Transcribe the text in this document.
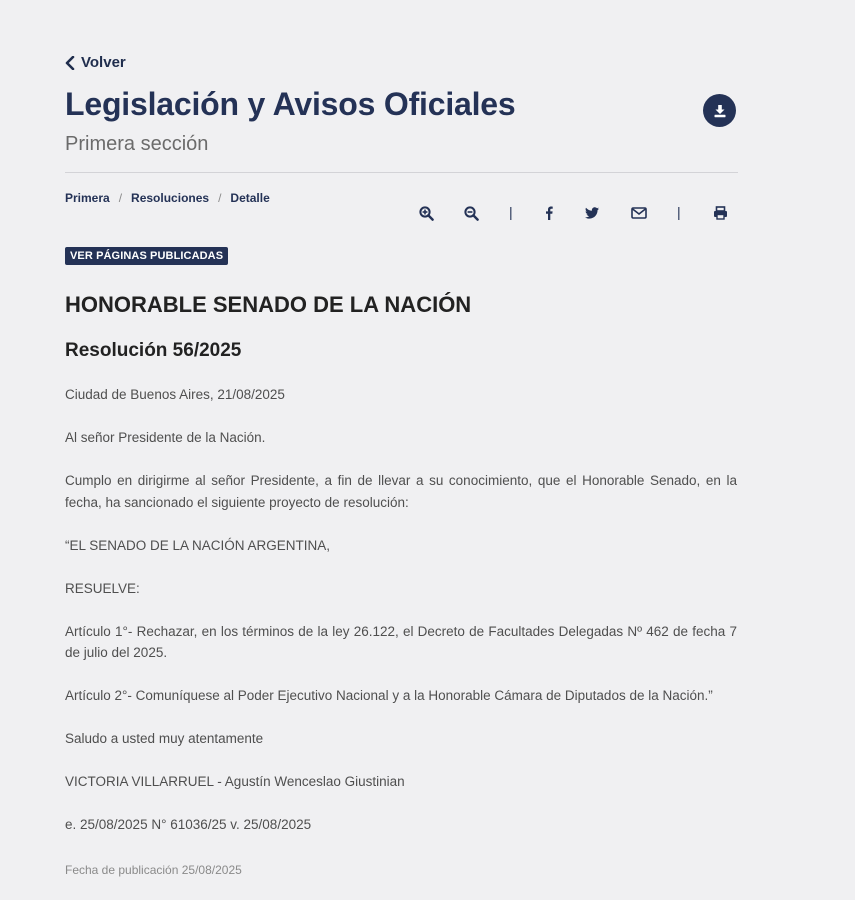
Volver
Legislación y Avisos Oficiales
Primera sección
Primera / Resoluciones / Detalle
|	|
VER PÁGINAS PUBLICADAS
HONORABLE SENADO DE LA NACIÓN
Resolución 56/2025

Ciudad de Buenos Aires, 21/08/2025

Al señor Presidente de la Nación.

Cumplo en dirigirme al señor Presidente, a fin de llevar a su conocimiento, que el Honorable Senado, en la fecha, ha sancionado el siguiente proyecto de resolución:

“EL SENADO DE LA NACIÓN ARGENTINA,

RESUELVE:

Artículo 1°- Rechazar, en los términos de la ley 26.122, el Decreto de Facultades Delegadas Nº 462 de fecha 7 de julio del 2025.

Artículo 2°- Comuníquese al Poder Ejecutivo Nacional y a la Honorable Cámara de Diputados de la Nación.”

Saludo a usted muy atentamente

VICTORIA VILLARRUEL - Agustín Wenceslao Giustinian

e. 25/08/2025 N° 61036/25 v. 25/08/2025

Fecha de publicación 25/08/2025
